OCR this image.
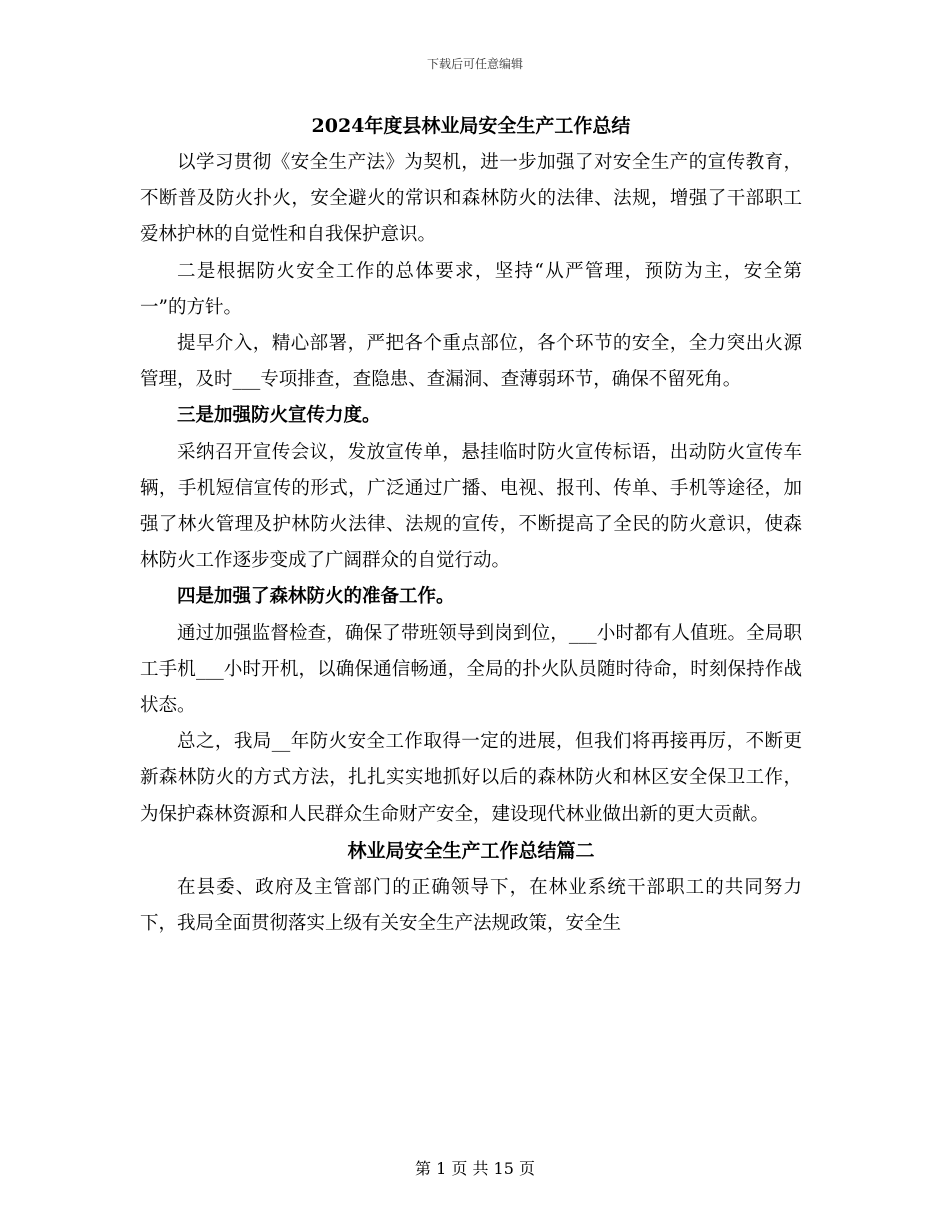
下载后可任意编辑
2024年度县林业局安全生产工作总结

以学习贯彻《安全生产法》为契机，进一步加强了对安全生产的宣传教育，不断普及防火扑火，安全避火的常识和森林防火的法律、法规，增强了干部职工爱林护林的自觉性和自我保护意识。

二是根据防火安全工作的总体要求，坚持“从严管理，预防为主，安全第一”的方针。

提早介入，精心部署，严把各个重点部位，各个环节的安全，全力突出火源管理，及时___专项排查，查隐患、查漏洞、查薄弱环节，确保不留死角。

三是加强防火宣传力度。

采纳召开宣传会议，发放宣传单，悬挂临时防火宣传标语，出动防火宣传车辆，手机短信宣传的形式，广泛通过广播、电视、报刊、传单、手机等途径，加强了林火管理及护林防火法律、法规的宣传，不断提高了全民的防火意识，使森林防火工作逐步变成了广阔群众的自觉行动。

四是加强了森林防火的准备工作。

通过加强监督检查，确保了带班领导到岗到位，___小时都有人值班。全局职工手机___小时开机，以确保通信畅通，全局的扑火队员随时待命，时刻保持作战状态。

总之，我局__年防火安全工作取得一定的进展，但我们将再接再厉，不断更新森林防火的方式方法，扎扎实实地抓好以后的森林防火和林区安全保卫工作，为保护森林资源和人民群众生命财产安全，建设现代林业做出新的更大贡献。

林业局安全生产工作总结篇二

在县委、政府及主管部门的正确领导下，在林业系统干部职工的共同努力下，我局全面贯彻落实上级有关安全生产法规政策，安全生

第 1 页 共 15 页
